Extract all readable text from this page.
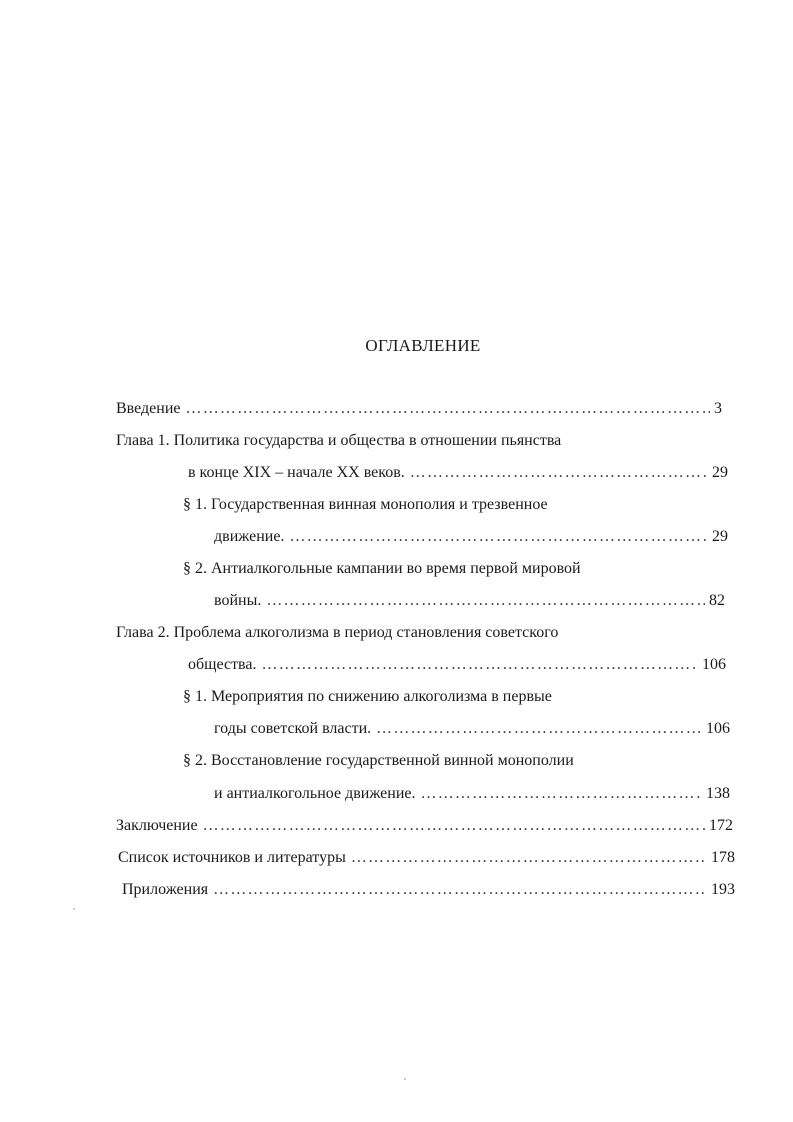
ОГЛАВЛЕНИЕ
Введение ………………………………………………………………………………………………………………………………………………………………………	3
Глава 1. Политика государства и общества в отношении пьянства
в конце XIX – начале XX веков. ………………………………………………………………………………………………………………………………………………………………………	29
§ 1. Государственная винная монополия и трезвенное
движение. ………………………………………………………………………………………………………………………………………………………………………	29
§ 2. Антиалкогольные кампании во время первой мировой
войны. ………………………………………………………………………………………………………………………………………………………………………	82
Глава 2. Проблема алкоголизма в период становления советского
общества. ………………………………………………………………………………………………………………………………………………………………………	106
§ 1. Мероприятия по снижению алкоголизма в первые
годы советской власти. ………………………………………………………………………………………………………………………………………………………………………	106
§ 2. Восстановление государственной винной монополии
и антиалкогольное движение. ………………………………………………………………………………………………………………………………………………………………………	138
Заключение ………………………………………………………………………………………………………………………………………………………………………	172
Список источников и литературы ………………………………………………………………………………………………………………………………………………………………………	178
Приложения ………………………………………………………………………………………………………………………………………………………………………	193
